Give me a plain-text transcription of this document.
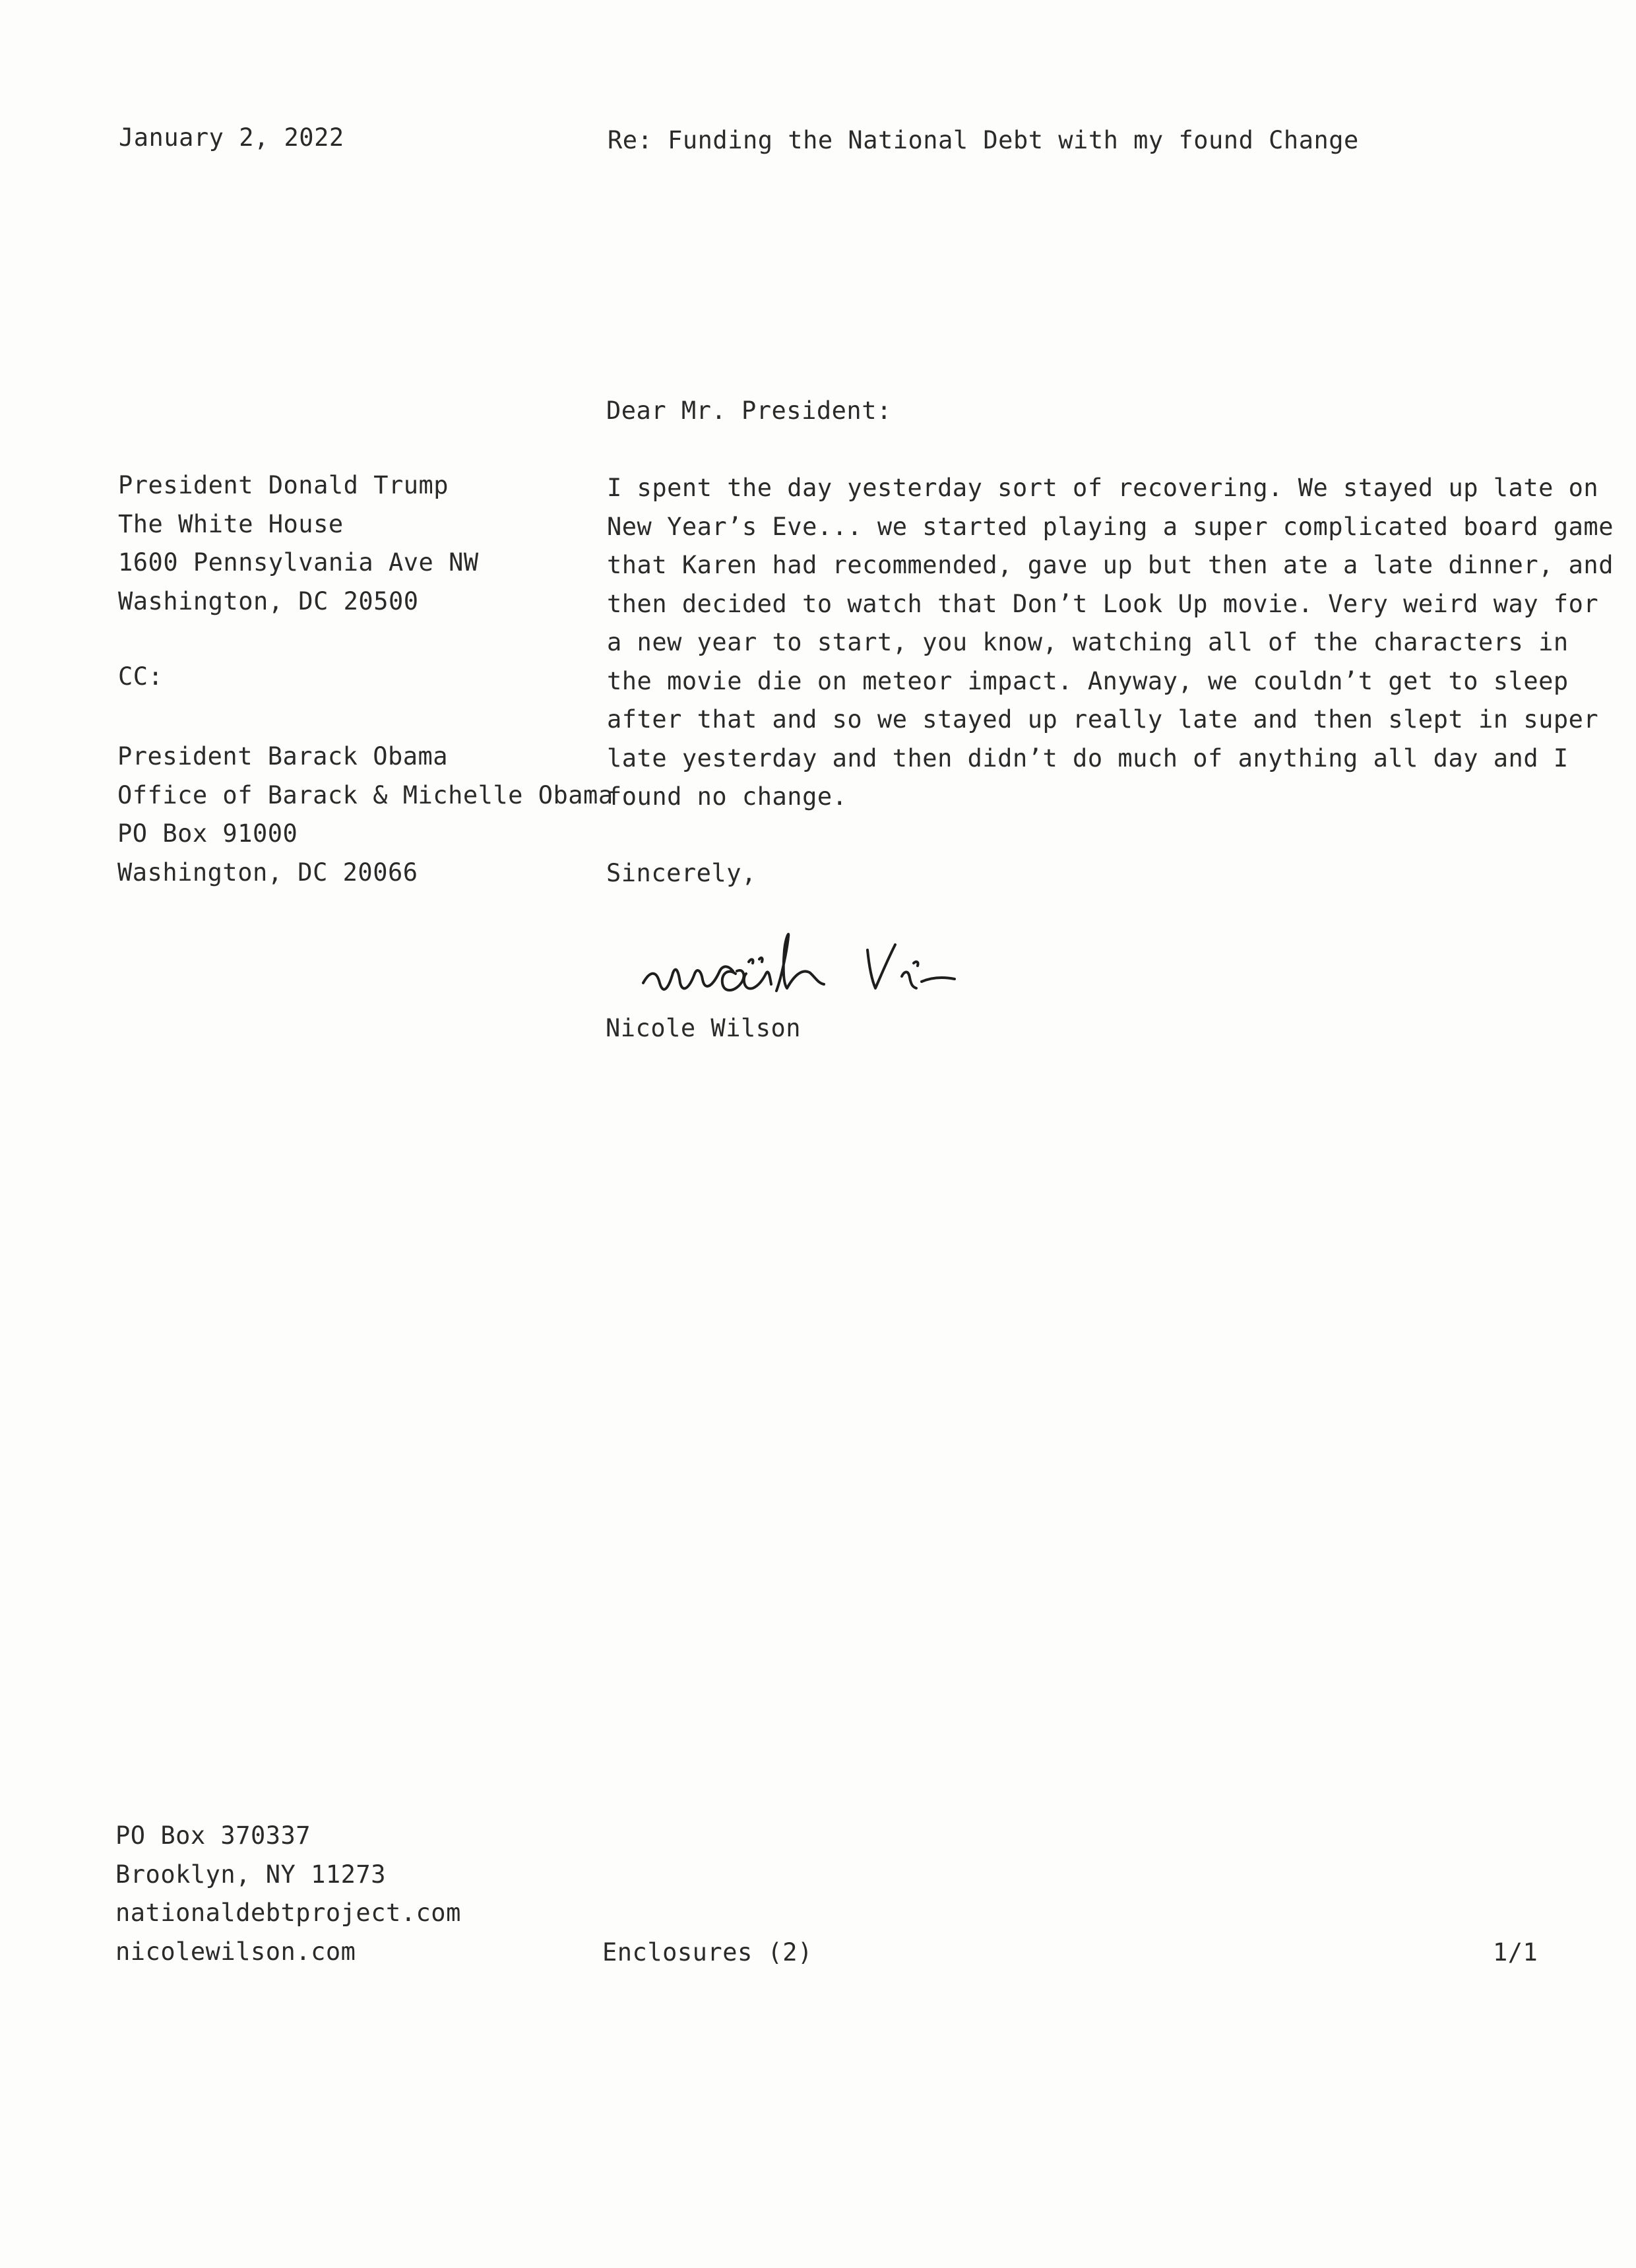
January 2, 2022	Re: Funding the National Debt with my found Change
Dear Mr. President:
President Donald Trump
The White House
1600 Pennsylvania Ave NW
Washington, DC 20500
CC:
President Barack Obama
Office of Barack & Michelle Obama
PO Box 91000
Washington, DC 20066
I spent the day yesterday sort of recovering. We stayed up late on
New Year’s Eve... we started playing a super complicated board game
that Karen had recommended, gave up but then ate a late dinner, and
then decided to watch that Don’t Look Up movie. Very weird way for
a new year to start, you know, watching all of the characters in
the movie die on meteor impact. Anyway, we couldn’t get to sleep
after that and so we stayed up really late and then slept in super
late yesterday and then didn’t do much of anything all day and I
found no change.
Sincerely,
Nicole Wilson
PO Box 370337
Brooklyn, NY 11273
nationaldebtproject.com
nicolewilson.com	Enclosures (2)	1/1
